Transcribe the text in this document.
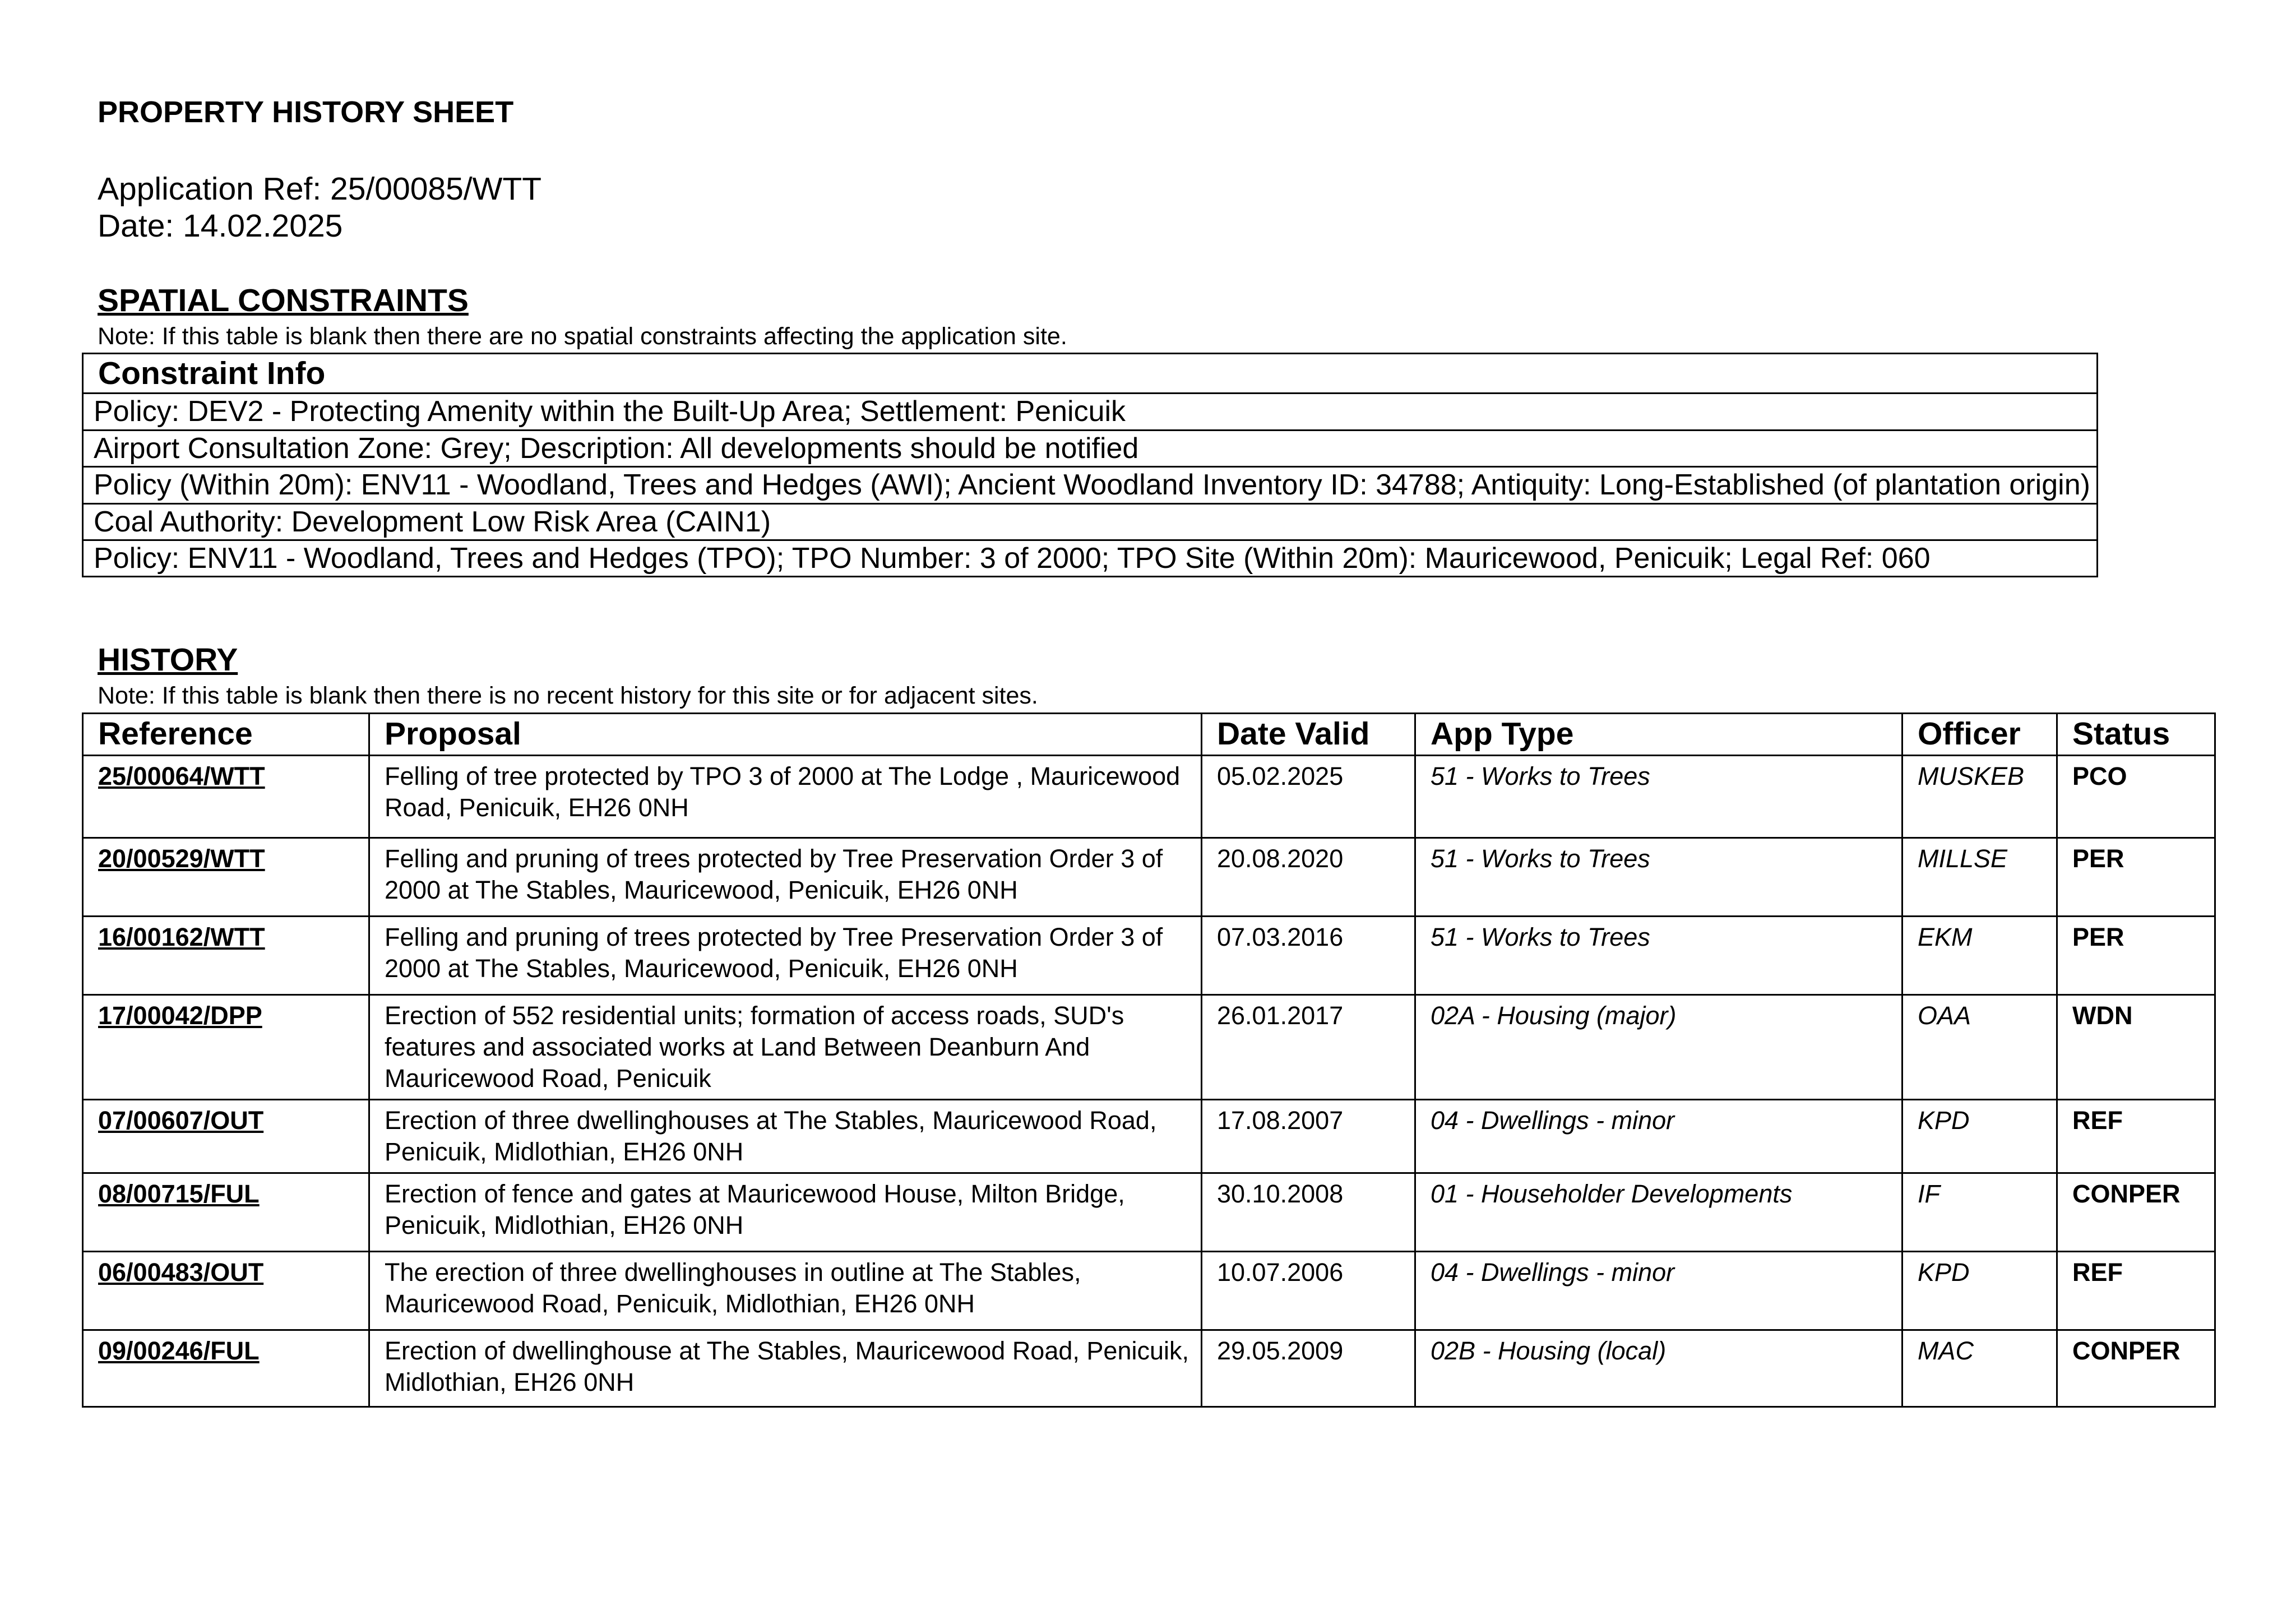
PROPERTY HISTORY SHEET

Application Ref: 25/00085/WTT

Date: 14.02.2025

SPATIAL CONSTRAINTS

Note: If this table is blank then there are no spatial constraints affecting the application site.

Constraint Info
Policy: DEV2 - Protecting Amenity within the Built-Up Area; Settlement: Penicuik
Airport Consultation Zone: Grey; Description: All developments should be notified
Policy (Within 20m): ENV11 - Woodland, Trees and Hedges (AWI); Ancient Woodland Inventory ID: 34788; Antiquity: Long-Established (of plantation origin)
Coal Authority: Development Low Risk Area (CAIN1)
Policy: ENV11 - Woodland, Trees and Hedges (TPO); TPO Number: 3 of 2000; TPO Site (Within 20m): Mauricewood, Penicuik; Legal Ref: 060
HISTORY

Note: If this table is blank then there is no recent history for this site or for adjacent sites.

Reference	Proposal	Date Valid	App Type	Officer	Status
25/00064/WTT	Felling of tree protected by TPO 3 of 2000 at The Lodge , Mauricewood Road, Penicuik, EH26 0NH	05.02.2025	51 - Works to Trees	MUSKEB	PCO
20/00529/WTT	Felling and pruning of trees protected by Tree Preservation Order 3 of 2000 at The Stables, Mauricewood, Penicuik, EH26 0NH	20.08.2020	51 - Works to Trees	MILLSE	PER
16/00162/WTT	Felling and pruning of trees protected by Tree Preservation Order 3 of 2000 at The Stables, Mauricewood, Penicuik, EH26 0NH	07.03.2016	51 - Works to Trees	EKM	PER
17/00042/DPP	Erection of 552 residential units; formation of access roads, SUD's features and associated works at Land Between Deanburn And Mauricewood Road, Penicuik	26.01.2017	02A - Housing (major)	OAA	WDN
07/00607/OUT	Erection of three dwellinghouses at The Stables, Mauricewood Road, Penicuik, Midlothian, EH26 0NH	17.08.2007	04 - Dwellings - minor	KPD	REF
08/00715/FUL	Erection of fence and gates at Mauricewood House, Milton Bridge, Penicuik, Midlothian, EH26 0NH	30.10.2008	01 - Householder Developments	IF	CONPER
06/00483/OUT	The erection of three dwellinghouses in outline at The Stables, Mauricewood Road, Penicuik, Midlothian, EH26 0NH	10.07.2006	04 - Dwellings - minor	KPD	REF
09/00246/FUL	Erection of dwellinghouse at The Stables, Mauricewood Road, Penicuik, Midlothian, EH26 0NH	29.05.2009	02B - Housing (local)	MAC	CONPER
